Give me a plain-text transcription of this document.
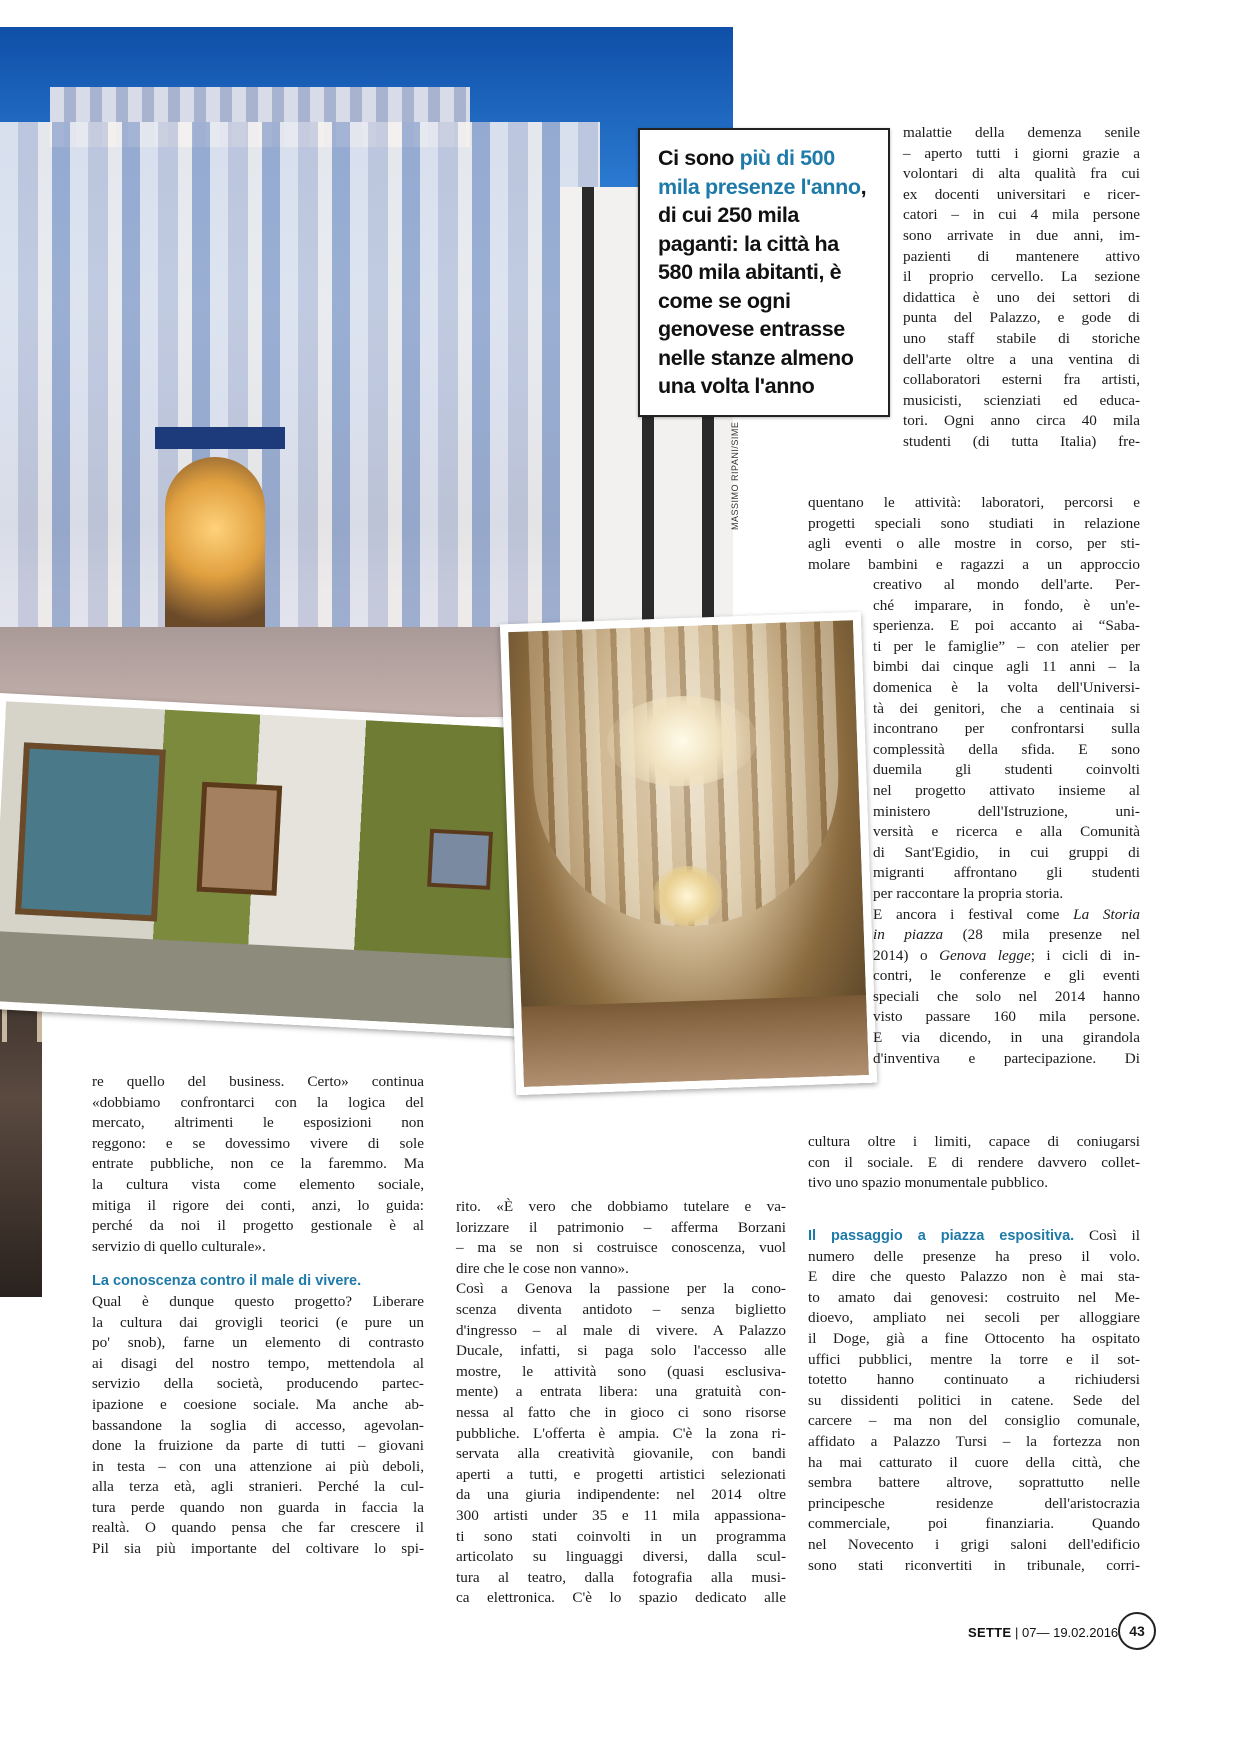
MASSIMO RIPANI/SIME
Ci sono più di 500 mila presenze l'anno, di cui 250 mila paganti: la città ha 580 mila abitanti, è come se ogni genovese entrasse nelle stanze almeno una volta l'anno
malattie della demenza senile
– aperto tutti i giorni grazie a
volontari di alta qualità fra cui
ex docenti universitari e ricer-
catori – in cui 4 mila persone
sono arrivate in due anni, im-
pazienti di mantenere attivo
il proprio cervello. La sezione
didattica è uno dei settori di
punta del Palazzo, e gode di
uno staff stabile di storiche
dell'arte oltre a una ventina di
collaboratori esterni fra artisti,
musicisti, scienziati ed educa-
tori. Ogni anno circa 40 mila
studenti (di tutta Italia) fre-
quentano le attività: laboratori, percorsi e
progetti speciali sono studiati in relazione
agli eventi o alle mostre in corso, per sti-
molare bambini e ragazzi a un approccio
creativo al mondo dell'arte. Per-
ché imparare, in fondo, è un'e-
sperienza. E poi accanto ai “Saba-
ti per le famiglie” – con atelier per
bimbi dai cinque agli 11 anni – la
domenica è la volta dell'Universi-
tà dei genitori, che a centinaia si
incontrano per confrontarsi sulla
complessità della sfida. E sono
duemila gli studenti coinvolti
nel progetto attivato insieme al
ministero dell'Istruzione, uni-
versità e ricerca e alla Comunità
di Sant'Egidio, in cui gruppi di
migranti affrontano gli studenti
per raccontare la propria storia.
E ancora i festival come La Storia
in piazza (28 mila presenze nel
2014) o Genova legge; i cicli di in-
contri, le conferenze e gli eventi
speciali che solo nel 2014 hanno
visto passare 160 mila persone.
E via dicendo, in una girandola
d'inventiva e partecipazione. Di
cultura oltre i limiti, capace di coniugarsi
con il sociale. E di rendere davvero collet-
tivo uno spazio monumentale pubblico.
Il passaggio a piazza espositiva. Così il
numero delle presenze ha preso il volo.
E dire che questo Palazzo non è mai sta-
to amato dai genovesi: costruito nel Me-
dioevo, ampliato nei secoli per alloggiare
il Doge, già a fine Ottocento ha ospitato
uffici pubblici, mentre la torre e il sot-
totetto hanno continuato a richiudersi
su dissidenti politici in catene. Sede del
carcere – ma non del consiglio comunale,
affidato a Palazzo Tursi – la fortezza non
ha mai catturato il cuore della città, che
sembra battere altrove, soprattutto nelle
principesche residenze dell'aristocrazia
commerciale, poi finanziaria. Quando
nel Novecento i grigi saloni dell'edificio
sono stati riconvertiti in tribunale, corri-
re quello del business. Certo» continua
«dobbiamo confrontarci con la logica del
mercato, altrimenti le esposizioni non
reggono: e se dovessimo vivere di sole
entrate pubbliche, non ce la faremmo. Ma
la cultura vista come elemento sociale,
mitiga il rigore dei conti, anzi, lo guida:
perché da noi il progetto gestionale è al
servizio di quello culturale».
La conoscenza contro il male di vivere.
Qual è dunque questo progetto? Liberare
la cultura dai grovigli teorici (e pure un
po' snob), farne un elemento di contrasto
ai disagi del nostro tempo, mettendola al
servizio della società, producendo partec-
ipazione e coesione sociale. Ma anche ab-
bassandone la soglia di accesso, agevolan-
done la fruizione da parte di tutti – giovani
in testa – con una attenzione ai più deboli,
alla terza età, agli stranieri. Perché la cul-
tura perde quando non guarda in faccia la
realtà. O quando pensa che far crescere il
Pil sia più importante del coltivare lo spi-
rito. «È vero che dobbiamo tutelare e va-
lorizzare il patrimonio – afferma Borzani
– ma se non si costruisce conoscenza, vuol
dire che le cose non vanno».
Così a Genova la passione per la cono-
scenza diventa antidoto – senza biglietto
d'ingresso – al male di vivere. A Palazzo
Ducale, infatti, si paga solo l'accesso alle
mostre, le attività sono (quasi esclusiva-
mente) a entrata libera: una gratuità con-
nessa al fatto che in gioco ci sono risorse
pubbliche. L'offerta è ampia. C'è la zona ri-
servata alla creatività giovanile, con bandi
aperti a tutti, e progetti artistici selezionati
da una giuria indipendente: nel 2014 oltre
300 artisti under 35 e 11 mila appassiona-
ti sono stati coinvolti in un programma
articolato su linguaggi diversi, dalla scul-
tura al teatro, dalla fotografia alla musi-
ca elettronica. C'è lo spazio dedicato alle
SETTE | 07— 19.02.2016 43
